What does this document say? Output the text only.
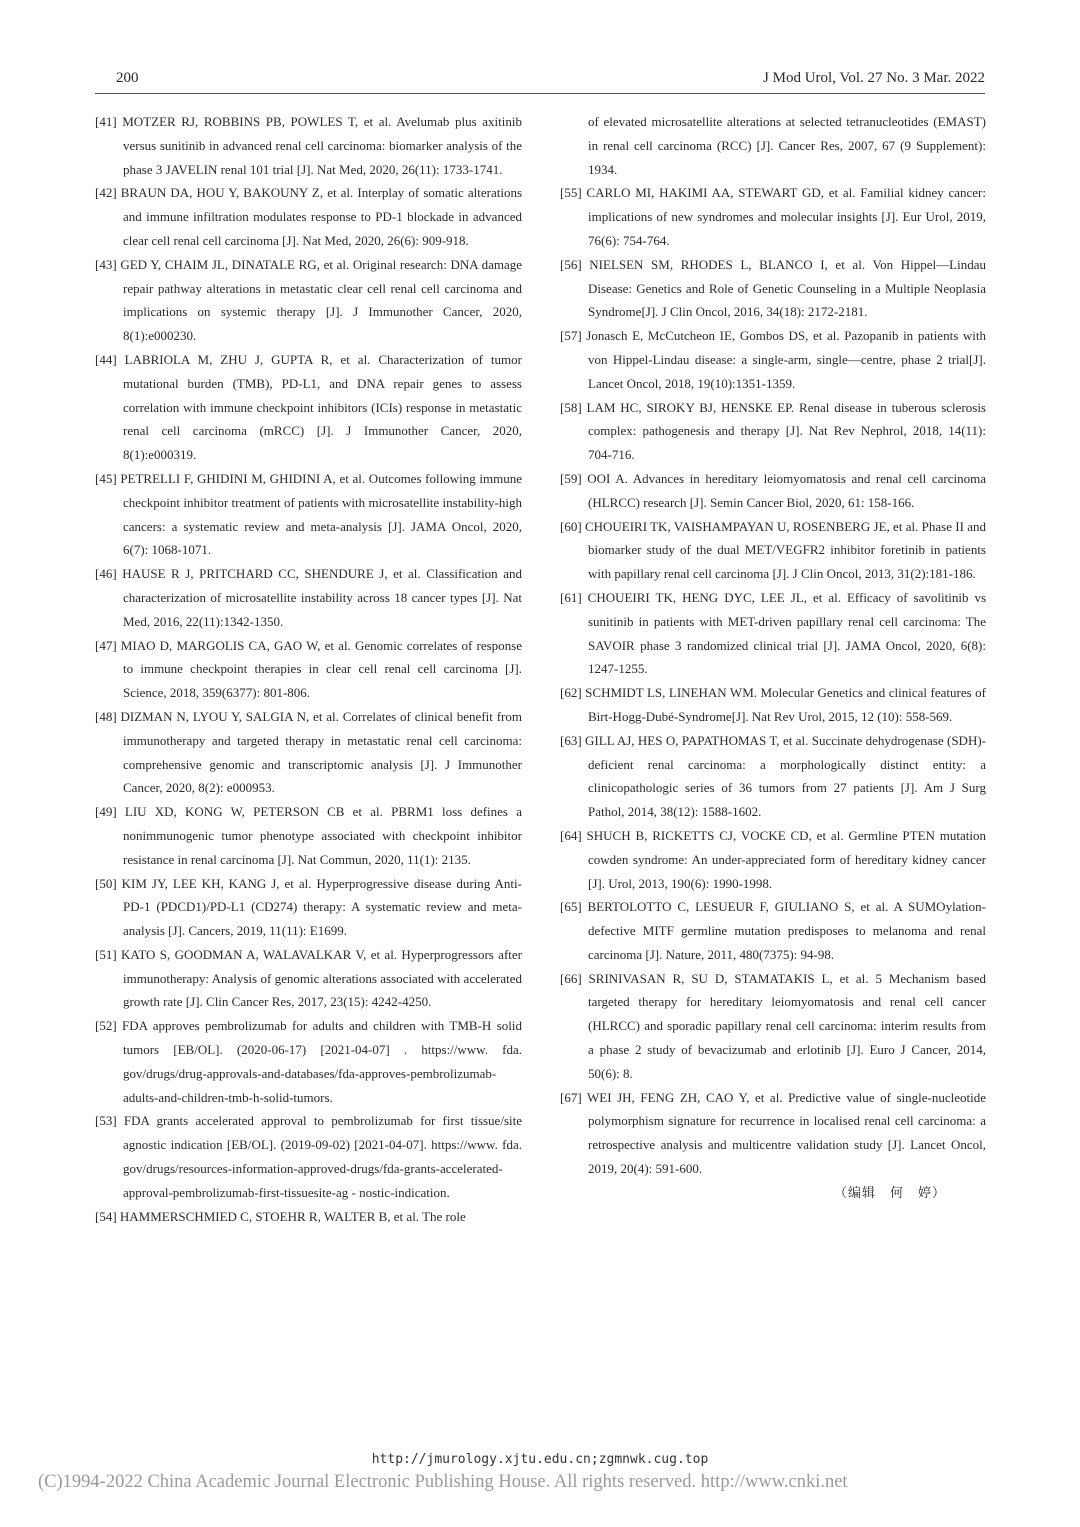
200	J Mod Urol, Vol. 27 No. 3 Mar. 2022

[41] MOTZER RJ, ROBBINS PB, POWLES T, et al. Avelumab plus axitinib versus sunitinib in advanced renal cell carcinoma: biomarker analysis of the phase 3 JAVELIN renal 101 trial [J]. Nat Med, 2020, 26(11): 1733-1741.

[42] BRAUN DA, HOU Y, BAKOUNY Z, et al. Interplay of somatic alterations and immune infiltration modulates response to PD-1 blockade in advanced clear cell renal cell carcinoma [J]. Nat Med, 2020, 26(6): 909-918.

[43] GED Y, CHAIM JL, DINATALE RG, et al. Original research: DNA damage repair pathway alterations in metastatic clear cell renal cell carcinoma and implications on systemic therapy [J]. J Immunother Cancer, 2020, 8(1):e000230.

[44] LABRIOLA M, ZHU J, GUPTA R, et al. Characterization of tumor mutational burden (TMB), PD-L1, and DNA repair genes to assess correlation with immune checkpoint inhibitors (ICIs) response in metastatic renal cell carcinoma (mRCC) [J]. J Immunother Cancer, 2020, 8(1):e000319.

[45] PETRELLI F, GHIDINI M, GHIDINI A, et al. Outcomes following immune checkpoint inhibitor treatment of patients with microsatellite instability-high cancers: a systematic review and meta-analysis [J]. JAMA Oncol, 2020, 6(7): 1068-1071.

[46] HAUSE R J, PRITCHARD CC, SHENDURE J, et al. Classification and characterization of microsatellite instability across 18 cancer types [J]. Nat Med, 2016, 22(11):1342-1350.

[47] MIAO D, MARGOLIS CA, GAO W, et al. Genomic correlates of response to immune checkpoint therapies in clear cell renal cell carcinoma [J]. Science, 2018, 359(6377): 801-806.

[48] DIZMAN N, LYOU Y, SALGIA N, et al. Correlates of clinical benefit from immunotherapy and targeted therapy in metastatic renal cell carcinoma: comprehensive genomic and transcriptomic analysis [J]. J Immunother Cancer, 2020, 8(2): e000953.

[49] LIU XD, KONG W, PETERSON CB et al. PBRM1 loss defines a nonimmunogenic tumor phenotype associated with checkpoint inhibitor resistance in renal carcinoma [J]. Nat Commun, 2020, 11(1): 2135.

[50] KIM JY, LEE KH, KANG J, et al. Hyperprogressive disease during Anti-PD-1 (PDCD1)/PD-L1 (CD274) therapy: A systematic review and meta-analysis [J]. Cancers, 2019, 11(11): E1699.

[51] KATO S, GOODMAN A, WALAVALKAR V, et al. Hyperprogressors after immunotherapy: Analysis of genomic alterations associated with accelerated growth rate [J]. Clin Cancer Res, 2017, 23(15): 4242-4250.

[52] FDA approves pembrolizumab for adults and children with TMB-H solid tumors [EB/OL]. (2020-06-17) [2021-04-07] . https://www. fda. gov/drugs/drug-approvals-and-databases/fda-approves-pembrolizumab-adults-and-children-tmb-h-solid-tumors.

[53] FDA grants accelerated approval to pembrolizumab for first tissue/site agnostic indication [EB/OL]. (2019-09-02) [2021-04-07]. https://www. fda. gov/drugs/resources-information-approved-drugs/fda-grants-accelerated-approval-pembrolizumab-first-tissuesite-ag - nostic-indication.

[54] HAMMERSCHMIED C, STOEHR R, WALTER B, et al. The role

of elevated microsatellite alterations at selected tetranucleotides (EMAST) in renal cell carcinoma (RCC) [J]. Cancer Res, 2007, 67 (9 Supplement): 1934.

[55] CARLO MI, HAKIMI AA, STEWART GD, et al. Familial kidney cancer: implications of new syndromes and molecular insights [J]. Eur Urol, 2019, 76(6): 754-764.

[56] NIELSEN SM, RHODES L, BLANCO I, et al. Von Hippel—Lindau Disease: Genetics and Role of Genetic Counseling in a Multiple Neoplasia Syndrome[J]. J Clin Oncol, 2016, 34(18): 2172-2181.

[57] Jonasch E, McCutcheon IE, Gombos DS, et al. Pazopanib in patients with von Hippel-Lindau disease: a single-arm, single—centre, phase 2 trial[J]. Lancet Oncol, 2018, 19(10):1351-1359.

[58] LAM HC, SIROKY BJ, HENSKE EP. Renal disease in tuberous sclerosis complex: pathogenesis and therapy [J]. Nat Rev Nephrol, 2018, 14(11): 704-716.

[59] OOI A. Advances in hereditary leiomyomatosis and renal cell carcinoma (HLRCC) research [J]. Semin Cancer Biol, 2020, 61: 158-166.

[60] CHOUEIRI TK, VAISHAMPAYAN U, ROSENBERG JE, et al. Phase II and biomarker study of the dual MET/VEGFR2 inhibitor foretinib in patients with papillary renal cell carcinoma [J]. J Clin Oncol, 2013, 31(2):181-186.

[61] CHOUEIRI TK, HENG DYC, LEE JL, et al. Efficacy of savolitinib vs sunitinib in patients with MET-driven papillary renal cell carcinoma: The SAVOIR phase 3 randomized clinical trial [J]. JAMA Oncol, 2020, 6(8): 1247-1255.

[62] SCHMIDT LS, LINEHAN WM. Molecular Genetics and clinical features of Birt-Hogg-Dubé-Syndrome[J]. Nat Rev Urol, 2015, 12 (10): 558-569.

[63] GILL AJ, HES O, PAPATHOMAS T, et al. Succinate dehydrogenase (SDH)-deficient renal carcinoma: a morphologically distinct entity: a clinicopathologic series of 36 tumors from 27 patients [J]. Am J Surg Pathol, 2014, 38(12): 1588-1602.

[64] SHUCH B, RICKETTS CJ, VOCKE CD, et al. Germline PTEN mutation cowden syndrome: An under-appreciated form of hereditary kidney cancer [J]. Urol, 2013, 190(6): 1990-1998.

[65] BERTOLOTTO C, LESUEUR F, GIULIANO S, et al. A SUMOylation-defective MITF germline mutation predisposes to melanoma and renal carcinoma [J]. Nature, 2011, 480(7375): 94-98.

[66] SRINIVASAN R, SU D, STAMATAKIS L, et al. 5 Mechanism based targeted therapy for hereditary leiomyomatosis and renal cell cancer (HLRCC) and sporadic papillary renal cell carcinoma: interim results from a phase 2 study of bevacizumab and erlotinib [J]. Euro J Cancer, 2014, 50(6): 8.

[67] WEI JH, FENG ZH, CAO Y, et al. Predictive value of single-nucleotide polymorphism signature for recurrence in localised renal cell carcinoma: a retrospective analysis and multicentre validation study [J]. Lancet Oncol, 2019, 20(4): 591-600.

（编辑　何　婷）

http://jmurology.xjtu.edu.cn;zgmnwk.cug.top
(C)1994-2022 China Academic Journal Electronic Publishing House. All rights reserved. http://www.cnki.net
